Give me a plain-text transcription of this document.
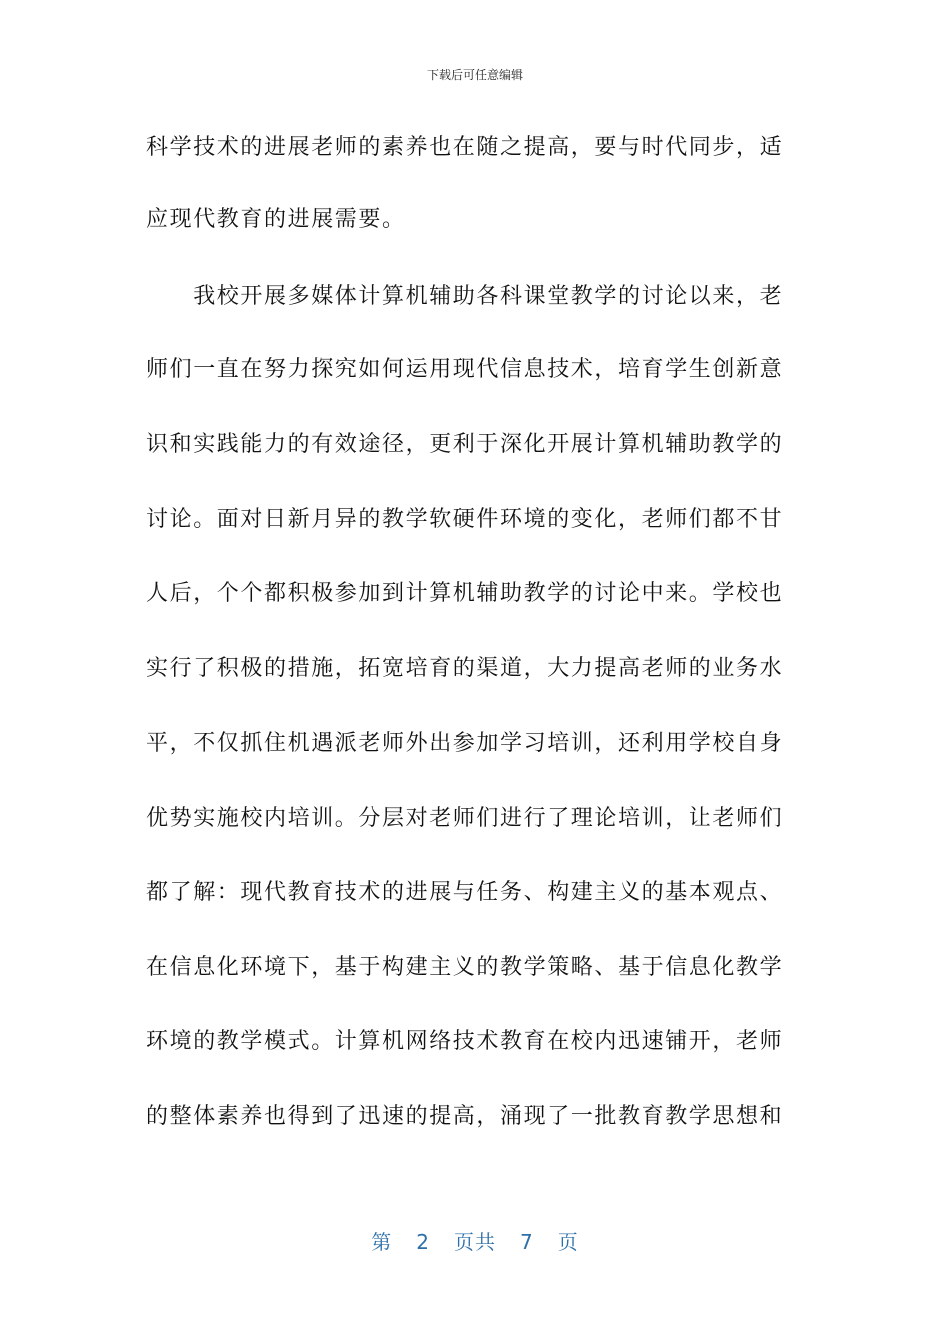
下载后可任意编辑
科学技术的进展老师的素养也在随之提高，要与时代同步，适
应现代教育的进展需要。
　　我校开展多媒体计算机辅助各科课堂教学的讨论以来，老
师们一直在努力探究如何运用现代信息技术，培育学生创新意
识和实践能力的有效途径，更利于深化开展计算机辅助教学的
讨论。面对日新月异的教学软硬件环境的变化，老师们都不甘
人后，个个都积极参加到计算机辅助教学的讨论中来。学校也
实行了积极的措施，拓宽培育的渠道，大力提高老师的业务水
平，不仅抓住机遇派老师外出参加学习培训，还利用学校自身
优势实施校内培训。分层对老师们进行了理论培训，让老师们
都了解：现代教育技术的进展与任务、构建主义的基本观点、
在信息化环境下，基于构建主义的教学策略、基于信息化教学
环境的教学模式。计算机网络技术教育在校内迅速铺开，老师
的整体素养也得到了迅速的提高，涌现了一批教育教学思想和
第 2 页共 7 页
